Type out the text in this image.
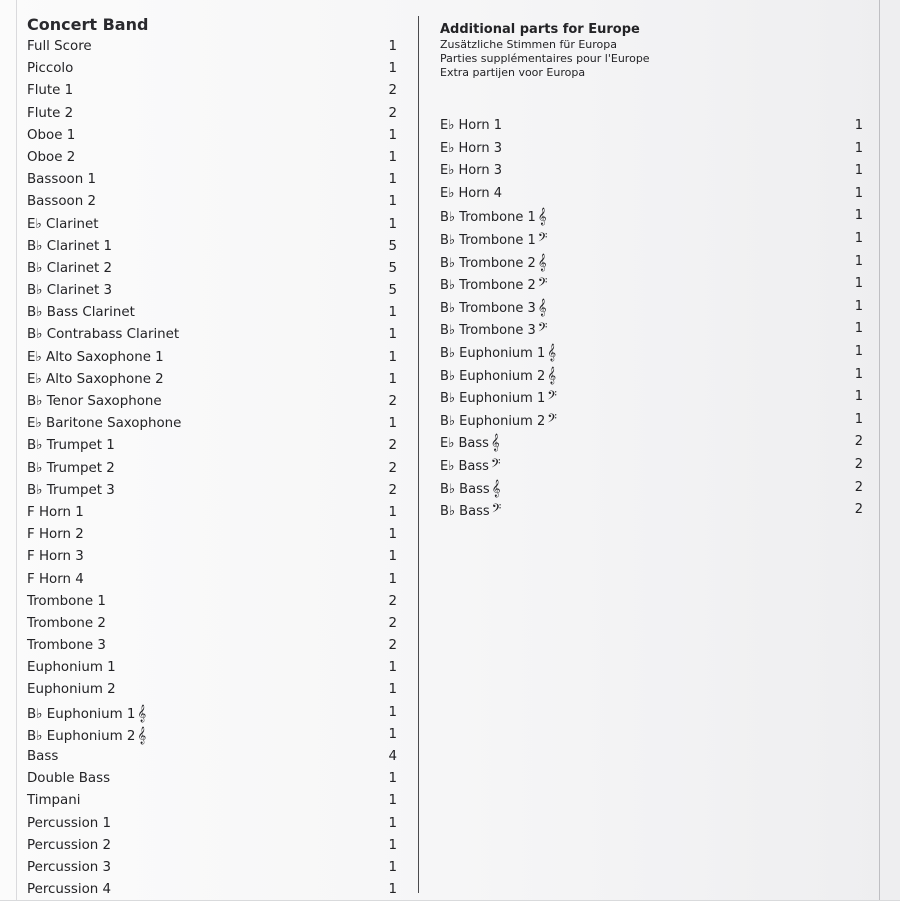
Concert Band
Full Score	1
Piccolo	1
Flute 1	2
Flute 2	2
Oboe 1	1
Oboe 2	1
Bassoon 1	1
Bassoon 2	1
E♭ Clarinet	1
B♭ Clarinet 1	5
B♭ Clarinet 2	5
B♭ Clarinet 3	5
B♭ Bass Clarinet	1
B♭ Contrabass Clarinet	1
E♭ Alto Saxophone 1	1
E♭ Alto Saxophone 2	1
B♭ Tenor Saxophone	2
E♭ Baritone Saxophone	1
B♭ Trumpet 1	2
B♭ Trumpet 2	2
B♭ Trumpet 3	2
F Horn 1	1
F Horn 2	1
F Horn 3	1
F Horn 4	1
Trombone 1	2
Trombone 2	2
Trombone 3	2
Euphonium 1	1
Euphonium 2	1
B♭ Euphonium 1 𝄞	1
B♭ Euphonium 2 𝄞	1
Bass	4
Double Bass	1
Timpani	1
Percussion 1	1
Percussion 2	1
Percussion 3	1
Percussion 4	1
Additional parts for Europe
Zusätzliche Stimmen für Europa
Parties supplémentaires pour l'Europe
Extra partijen voor Europa
E♭ Horn 1	1
E♭ Horn 3	1
E♭ Horn 3	1
E♭ Horn 4	1
B♭ Trombone 1 𝄞	1
B♭ Trombone 1 𝄢	1
B♭ Trombone 2 𝄞	1
B♭ Trombone 2 𝄢	1
B♭ Trombone 3 𝄞	1
B♭ Trombone 3 𝄢	1
B♭ Euphonium 1 𝄞	1
B♭ Euphonium 2 𝄞	1
B♭ Euphonium 1 𝄢	1
B♭ Euphonium 2 𝄢	1
E♭ Bass 𝄞	2
E♭ Bass 𝄢	2
B♭ Bass 𝄞	2
B♭ Bass 𝄢	2
